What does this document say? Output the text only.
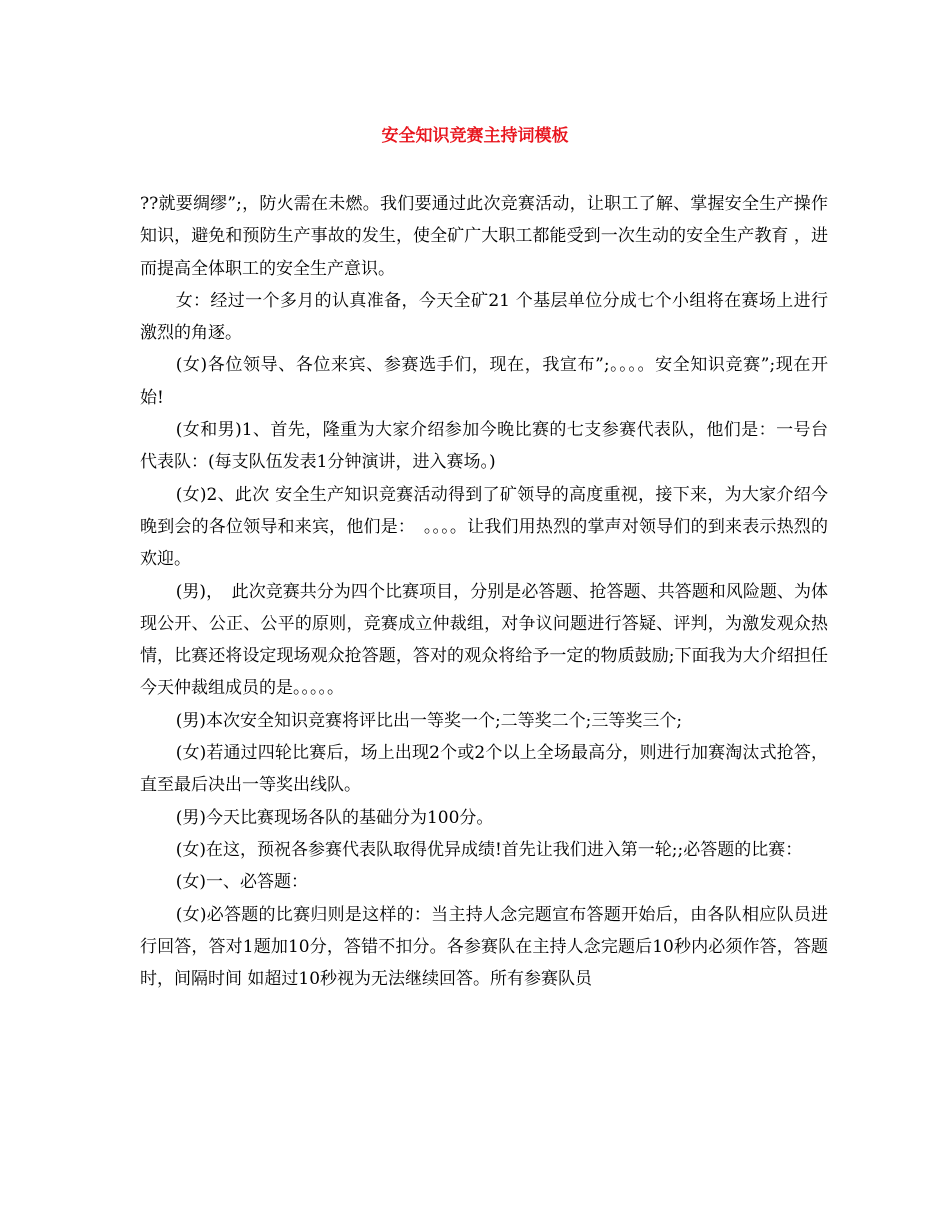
安全知识竞赛主持词模板

??就要绸缪”;，防火需在未燃。我们要通过此次竞赛活动，让职工了解、掌握安全生产操作知识，避免和预防生产事故的发生，使全矿广大职工都能受到一次生动的安全生产教育 ，进而提高全体职工的安全生产意识。

女：经过一个多月的认真准备，今天全矿21 个基层单位分成七个小组将在赛场上进行激烈的角逐。

(女)各位领导、各位来宾、参赛选手们，现在，我宣布”;。。。。安全知识竞赛”;现在开始!

(女和男)1、首先，隆重为大家介绍参加今晚比赛的七支参赛代表队，他们是：一号台代表队：(每支队伍发表1分钟演讲，进入赛场。)

(女)2、此次 安全生产知识竞赛活动得到了矿领导的高度重视，接下来，为大家介绍今晚到会的各位领导和来宾，他们是：　。。。。让我们用热烈的掌声对领导们的到来表示热烈的欢迎。

(男)，　此次竞赛共分为四个比赛项目，分别是必答题、抢答题、共答题和风险题、为体现公开、公正、公平的原则，竞赛成立仲裁组，对争议问题进行答疑、评判，为激发观众热情，比赛还将设定现场观众抢答题，答对的观众将给予一定的物质鼓励;下面我为大介绍担任今天仲裁组成员的是。。。。。

(男)本次安全知识竞赛将评比出一等奖一个;二等奖二个;三等奖三个;

(女)若通过四轮比赛后，场上出现2个或2个以上全场最高分，则进行加赛淘汰式抢答，直至最后决出一等奖出线队。

(男)今天比赛现场各队的基础分为100分。

(女)在这，预祝各参赛代表队取得优异成绩!首先让我们进入第一轮;;必答题的比赛：

(女)一、必答题：

(女)必答题的比赛归则是这样的：当主持人念完题宣布答题开始后，由各队相应队员进行回答，答对1题加10分，答错不扣分。各参赛队在主持人念完题后10秒内必须作答，答题时，间隔时间 如超过10秒视为无法继续回答。所有参赛队员
